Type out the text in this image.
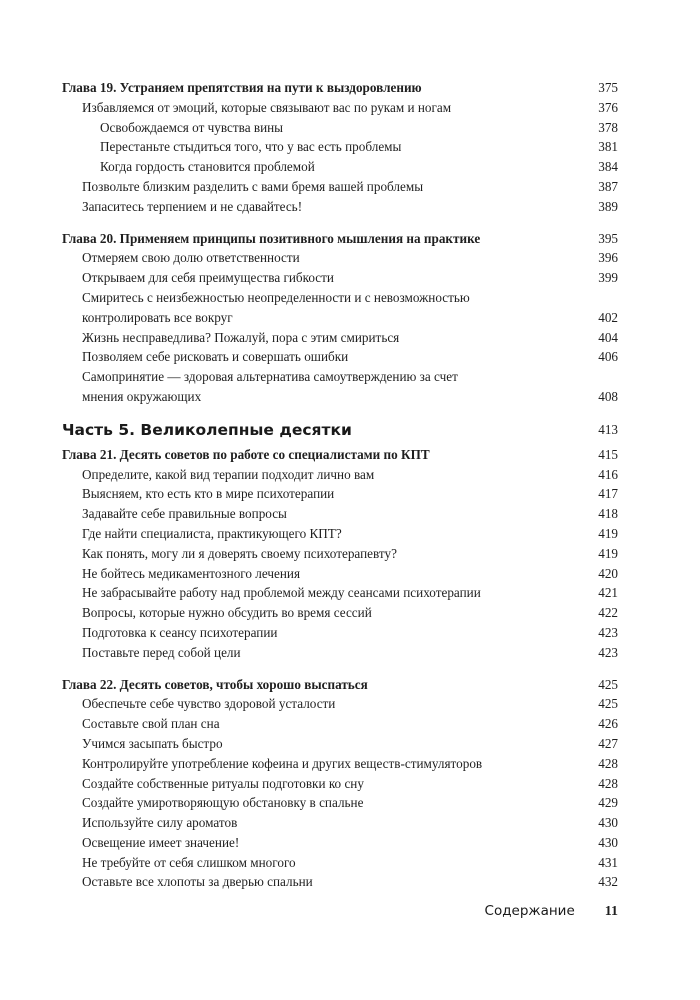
Глава 19. Устраняем препятствия на пути к выздоровлению	375
Избавляемся от эмоций, которые связывают вас по рукам и ногам	376
Освобождаемся от чувства вины	378
Перестаньте стыдиться того, что у вас есть проблемы	381
Когда гордость становится проблемой	384
Позвольте близким разделить с вами бремя вашей проблемы	387
Запаситесь терпением и не сдавайтесь!	389
Глава 20. Применяем принципы позитивного мышления на практике	395
Отмеряем свою долю ответственности	396
Открываем для себя преимущества гибкости	399
Смиритесь с неизбежностью неопределенности и с невозможностью
контролировать все вокруг	402
Жизнь несправедлива? Пожалуй, пора с этим смириться	404
Позволяем себе рисковать и совершать ошибки	406
Самопринятие — здоровая альтернатива самоутверждению за счет
мнения окружающих	408
Часть 5. Великолепные десятки	413
Глава 21. Десять советов по работе со специалистами по КПТ	415
Определите, какой вид терапии подходит лично вам	416
Выясняем, кто есть кто в мире психотерапии	417
Задавайте себе правильные вопросы	418
Где найти специалиста, практикующего КПТ?	419
Как понять, могу ли я доверять своему психотерапевту?	419
Не бойтесь медикаментозного лечения	420
Не забрасывайте работу над проблемой между сеансами психотерапии	421
Вопросы, которые нужно обсудить во время сессий	422
Подготовка к сеансу психотерапии	423
Поставьте перед собой цели	423
Глава 22. Десять советов, чтобы хорошо выспаться	425
Обеспечьте себе чувство здоровой усталости	425
Составьте свой план сна	426
Учимся засыпать быстро	427
Контролируйте употребление кофеина и других веществ-стимуляторов	428
Создайте собственные ритуалы подготовки ко сну	428
Создайте умиротворяющую обстановку в спальне	429
Используйте силу ароматов	430
Освещение имеет значение!	430
Не требуйте от себя слишком многого	431
Оставьте все хлопоты за дверью спальни	432
Содержание 11
